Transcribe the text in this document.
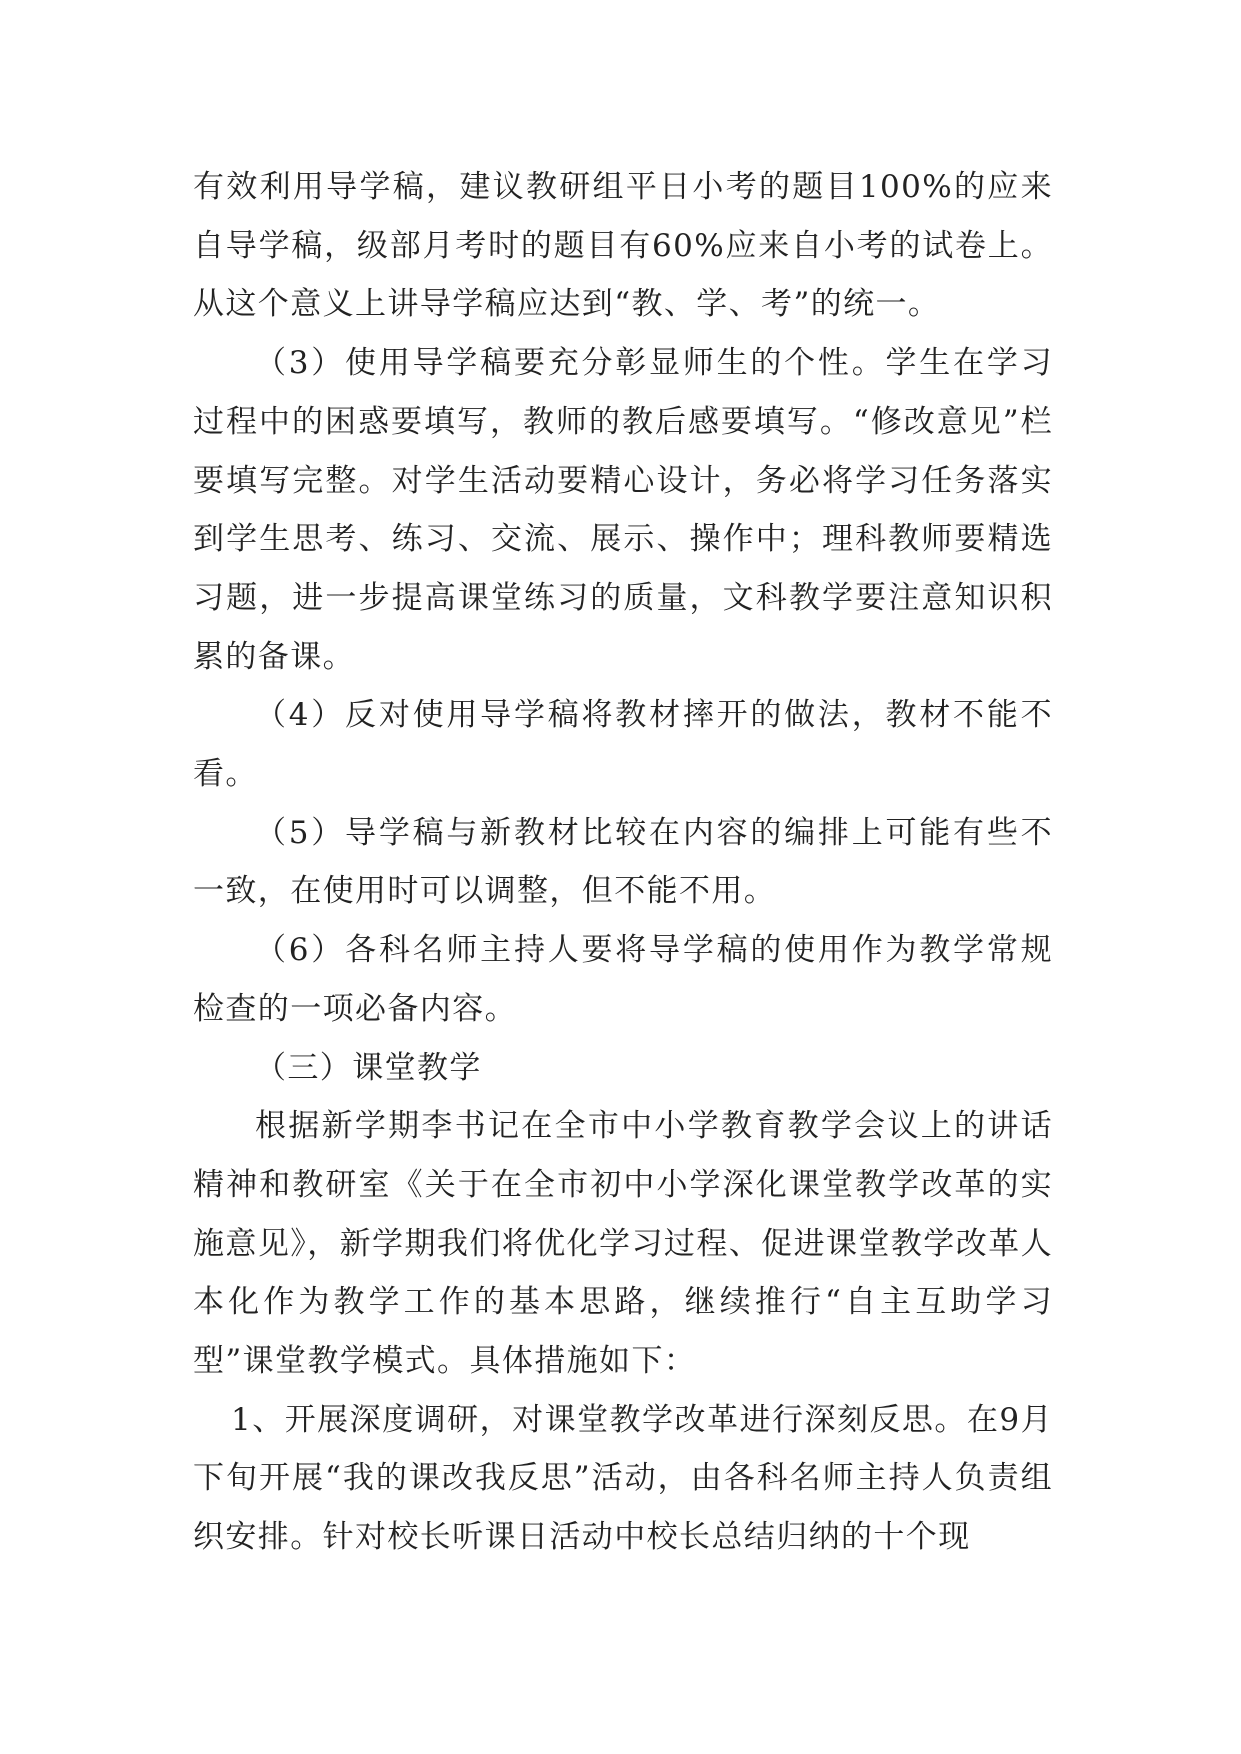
有效利用导学稿，建议教研组平日小考的题目100%的应来自导学稿，级部月考时的题目有60%应来自小考的试卷上。从这个意义上讲导学稿应达到“教、学、考”的统一。

（3）使用导学稿要充分彰显师生的个性。学生在学习过程中的困惑要填写，教师的教后感要填写。“修改意见”栏要填写完整。对学生活动要精心设计，务必将学习任务落实到学生思考、练习、交流、展示、操作中；理科教师要精选习题，进一步提高课堂练习的质量，文科教学要注意知识积累的备课。

（4）反对使用导学稿将教材摔开的做法，教材不能不看。

（5）导学稿与新教材比较在内容的编排上可能有些不一致，在使用时可以调整，但不能不用。

（6）各科名师主持人要将导学稿的使用作为教学常规检查的一项必备内容。

（三）课堂教学

根据新学期李书记在全市中小学教育教学会议上的讲话精神和教研室《关于在全市初中小学深化课堂教学改革的实施意见》，新学期我们将优化学习过程、促进课堂教学改革人本化作为教学工作的基本思路，继续推行“自主互助学习型”课堂教学模式。具体措施如下：

1、开展深度调研，对课堂教学改革进行深刻反思。在9月下旬开展“我的课改我反思”活动，由各科名师主持人负责组织安排。针对校长听课日活动中校长总结归纳的十个现
